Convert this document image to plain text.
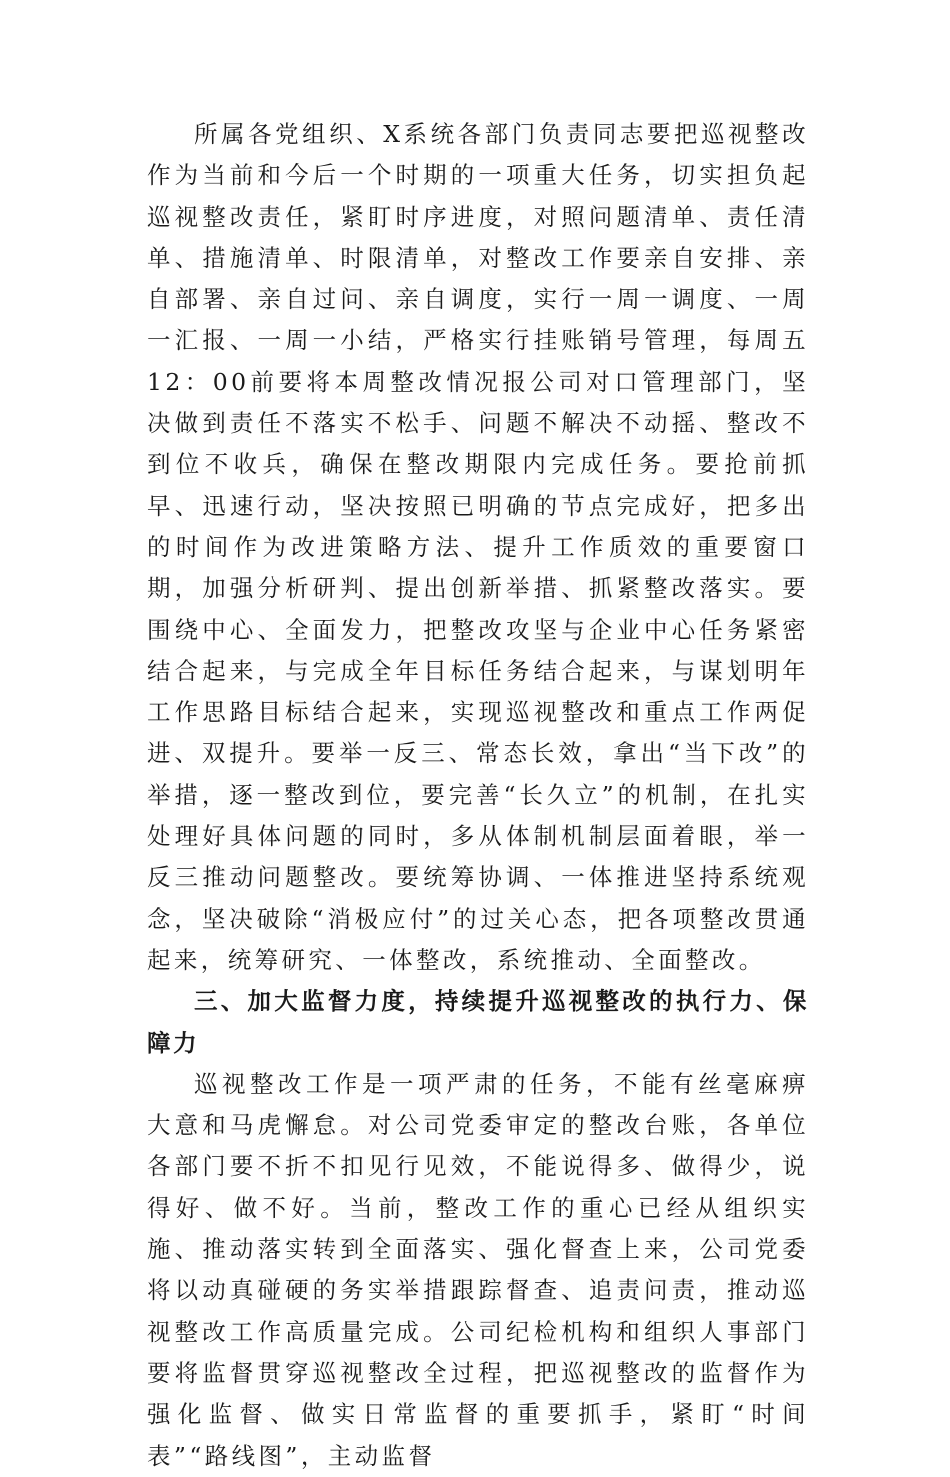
所属各党组织、X系统各部门负责同志要把巡视整改作为当前和今后一个时期的一项重大任务，切实担负起巡视整改责任，紧盯时序进度，对照问题清单、责任清单、措施清单、时限清单，对整改工作要亲自安排、亲自部署、亲自过问、亲自调度，实行一周一调度、一周一汇报、一周一小结，严格实行挂账销号管理，每周五12：00前要将本周整改情况报公司对口管理部门，坚决做到责任不落实不松手、问题不解决不动摇、整改不到位不收兵，确保在整改期限内完成任务。要抢前抓早、迅速行动，坚决按照已明确的节点完成好，把多出的时间作为改进策略方法、提升工作质效的重要窗口期，加强分析研判、提出创新举措、抓紧整改落实。要围绕中心、全面发力，把整改攻坚与企业中心任务紧密结合起来，与完成全年目标任务结合起来，与谋划明年工作思路目标结合起来，实现巡视整改和重点工作两促进、双提升。要举一反三、常态长效，拿出“当下改”的举措，逐一整改到位，要完善“长久立”的机制，在扎实处理好具体问题的同时，多从体制机制层面着眼，举一反三推动问题整改。要统筹协调、一体推进坚持系统观念，坚决破除“消极应付”的过关心态，把各项整改贯通起来，统筹研究、一体整改，系统推动、全面整改。

三、加大监督力度，持续提升巡视整改的执行力、保障力

巡视整改工作是一项严肃的任务，不能有丝毫麻痹大意和马虎懈怠。对公司党委审定的整改台账，各单位各部门要不折不扣见行见效，不能说得多、做得少，说得好、做不好。当前，整改工作的重心已经从组织实施、推动落实转到全面落实、强化督查上来，公司党委将以动真碰硬的务实举措跟踪督查、追责问责，推动巡视整改工作高质量完成。公司纪检机构和组织人事部门要将监督贯穿巡视整改全过程，把巡视整改的监督作为强化监督、做实日常监督的重要抓手，紧盯“时间表”“路线图”，主动监督
